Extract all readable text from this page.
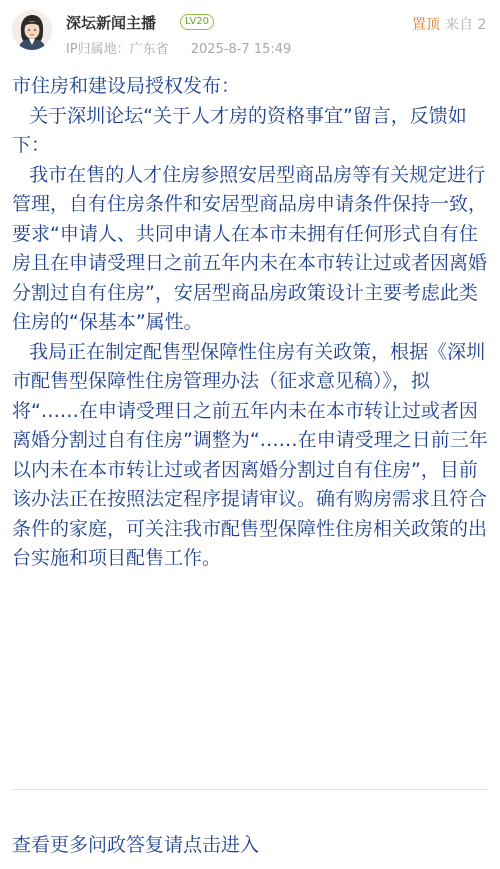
深坛新闻主播	LV20
IP归属地：广东省 2025-8-7 15:49
置顶 来自 2

市住房和建设局授权发布：

关于深圳论坛“关于人才房的资格事宜”留言，反馈如下：

我市在售的人才住房参照安居型商品房等有关规定进行管理，自有住房条件和安居型商品房申请条件保持一致，要求“申请人、共同申请人在本市未拥有任何形式自有住房且在申请受理日之前五年内未在本市转让过或者因离婚分割过自有住房”，安居型商品房政策设计主要考虑此类住房的“保基本”属性。

我局正在制定配售型保障性住房有关政策，根据《深圳市配售型保障性住房管理办法（征求意见稿）》，拟将“……在申请受理日之前五年内未在本市转让过或者因离婚分割过自有住房”调整为“……在申请受理之日前三年以内未在本市转让过或者因离婚分割过自有住房”，目前该办法正在按照法定程序提请审议。确有购房需求且符合条件的家庭，可关注我市配售型保障性住房相关政策的出台实施和项目配售工作。

查看更多问政答复请点击进入
